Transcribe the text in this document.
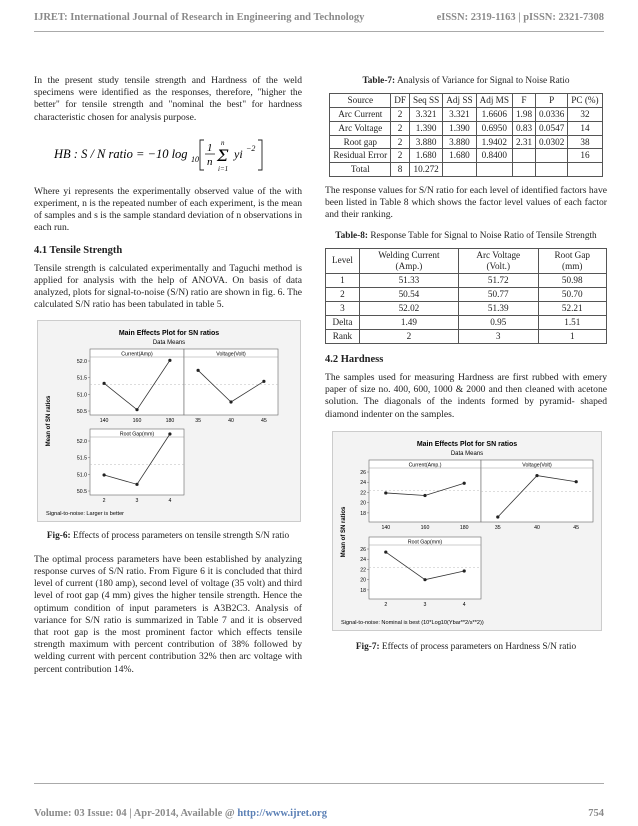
IJRET: International Journal of Research in Engineering and Technology	eISSN: 2319-1163 | pISSN: 2321-7308

In the present study tensile strength and Hardness of the weld specimens were identified as the responses, therefore, "higher the better" for tensile strength and "nominal the best" for hardness characteristic chosen for analysis purpose.

HB : S / N ratio = −10 log 10
1
n Σ
n
i=1
yi −2

Where yi represents the experimentally observed value of the with experiment, n is the repeated number of each experiment, is the mean of samples and s is the sample standard deviation of n observations in each run.

4.1 Tensile Strength

Tensile strength is calculated experimentally and Taguchi method is applied for analysis with the help of ANOVA. On basis of data analyzed, plots for signal-to-noise (S/N) ratio are shown in fig. 6. The calculated S/N ratio has been tabulated in table 5.

Main Effects Plot for SN ratios
Data Means
Mean of SN ratios
Current(Amp)
52.0
51.5
51.0
50.5
140	160	180
Voltage(Volt)
35	40	45
Root Gap(mm)
52.0
51.5
51.0
50.5
2	3	4
Signal-to-noise: Larger is better
Fig-6: Effects of process parameters on tensile strength S/N ratio

The optimal process parameters have been established by analyzing response curves of S/N ratio. From Figure 6 it is concluded that third level of current (180 amp), second level of voltage (35 volt) and third level of root gap (4 mm) gives the higher tensile strength. Hence the optimum condition of input parameters is A3B2C3. Analysis of variance for S/N ratio is summarized in Table 7 and it is observed that root gap is the most prominent factor which effects tensile strength maximum with percent contribution of 38% followed by welding current with percent contribution 32% then arc voltage with percent contribution 14%.

Table-7: Analysis of Variance for Signal to Noise Ratio
Source	DF	Seq SS	Adj SS	Adj MS	F	P	PC (%)
Arc Current	2	3.321	3.321	1.6606	1.98	0.0336	32
Arc Voltage	2	1.390	1.390	0.6950	0.83	0.0547	14
Root gap	2	3.880	3.880	1.9402	2.31	0.0302	38
Residual Error	2	1.680	1.680	0.8400			16
Total	8	10.272					

The response values for S/N ratio for each level of identified factors have been listed in Table 8 which shows the factor level values of each factor and their ranking.

Table-8: Response Table for Signal to Noise Ratio of Tensile Strength
Level	Welding Current (Amp.)	Arc Voltage (Volt.)	Root Gap (mm)
1	51.33	51.72	50.98
2	50.54	50.77	50.70
3	52.02	51.39	52.21
Delta	1.49	0.95	1.51
Rank	2	3	1
4.2 Hardness

The samples used for measuring Hardness are first rubbed with emery paper of size no. 400, 600, 1000 & 2000 and then cleaned with acetone solution. The diagonals of the indents formed by pyramid- shaped diamond indenter on the samples.

Main Effects Plot for SN ratios
Data Means
Mean of SN ratios
Current(Amp.)
26
24
22
20
18
140	160	180
Voltage(Volt)
35	40	45
Root Gap(mm)
26
24
22
20
18
2	3	4
Signal-to-noise: Nominal is best (10*Log10(Ybar**2/s**2))
Fig-7: Effects of process parameters on Hardness S/N ratio
Volume: 03 Issue: 04 | Apr-2014, Available @ http://www.ijret.org	754
